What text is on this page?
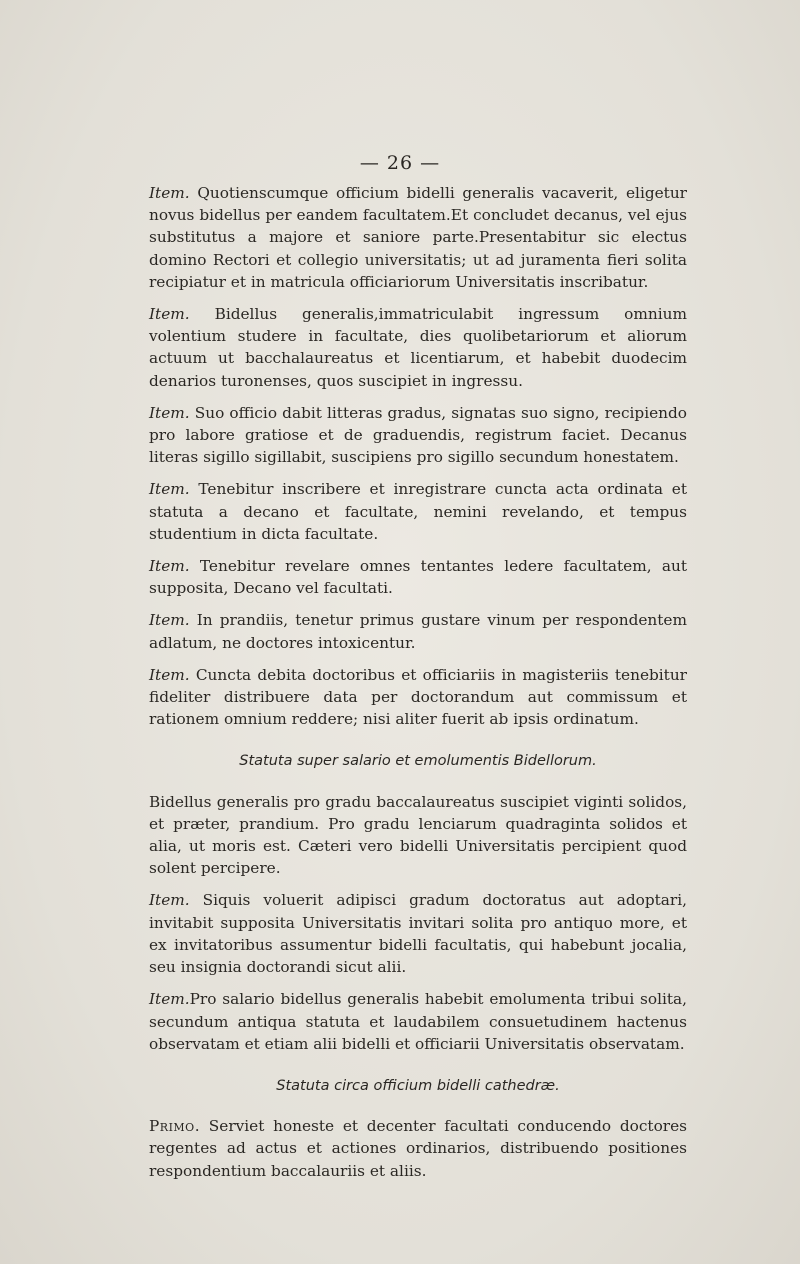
— 26 —

Item. Quotienscumque officium bidelli generalis vacaverit, eligetur novus bidellus per eandem facultatem.Et concludet decanus, vel ejus substitutus a majore et saniore parte.Presentabitur sic electus domino Rectori et collegio universitatis; ut ad juramenta fieri solita recipiatur et in matricula officiariorum Universitatis inscribatur.

Item. Bidellus generalis,immatriculabit ingressum omnium volentium studere in facultate, dies quolibetariorum et aliorum actuum ut bacchalaureatus et licentiarum, et habebit duodecim denarios turonenses, quos suscipiet in ingressu.

Item. Suo officio dabit litteras gradus, signatas suo signo, recipiendo pro labore gratiose et de graduendis, registrum faciet. Decanus literas sigillo sigillabit, suscipiens pro sigillo secundum honestatem.

Item. Tenebitur inscribere et inregistrare cuncta acta ordinata et statuta a decano et facultate, nemini revelando, et tempus studentium in dicta facultate.

Item. Tenebitur revelare omnes tentantes ledere facultatem, aut supposita, Decano vel facultati.

Item. In prandiis, tenetur primus gustare vinum per respondentem adlatum, ne doctores intoxicentur.

Item. Cuncta debita doctoribus et officiariis in magisteriis tenebitur fideliter distribuere data per doctorandum aut commissum et rationem omnium reddere; nisi aliter fuerit ab ipsis ordinatum.

Statuta super salario et emolumentis Bidellorum.

Bidellus generalis pro gradu baccalaureatus suscipiet viginti solidos, et præter, prandium. Pro gradu lenciarum quadraginta solidos et alia, ut moris est. Cæteri vero bidelli Universitatis percipient quod solent percipere.

Item. Siquis voluerit adipisci gradum doctoratus aut adoptari, invitabit supposita Universitatis invitari solita pro antiquo more, et ex invitatoribus assumentur bidelli facultatis, qui habebunt jocalia, seu insignia doctorandi sicut alii.

Item.Pro salario bidellus generalis habebit emolumenta tribui solita, secundum antiqua statuta et laudabilem consuetudinem hactenus observatam et etiam alii bidelli et officiarii Universitatis observatam.

Statuta circa officium bidelli cathedræ.

Primo. Serviet honeste et decenter facultati conducendo doctores regentes ad actus et actiones ordinarios, distribuendo positiones respondentium baccalauriis et aliis.
